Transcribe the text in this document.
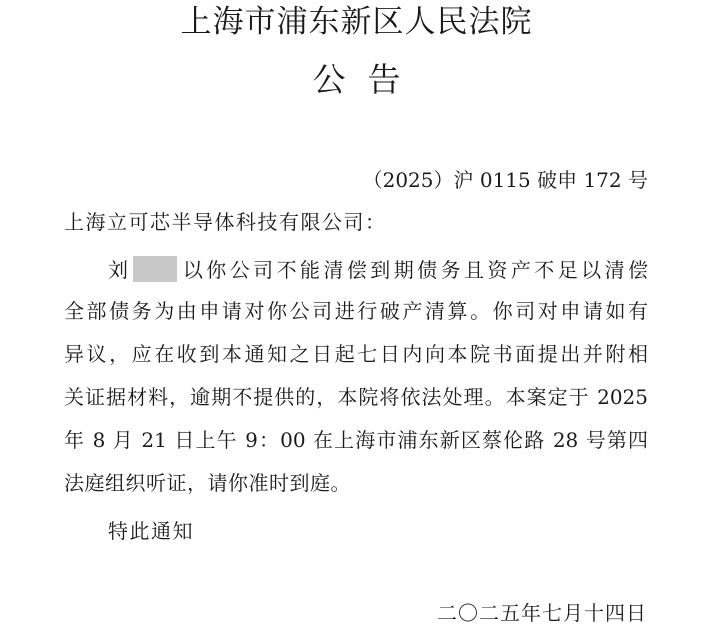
上海市浦东新区人民法院
公告
（2025）沪 0115 破申 172 号
上海立可芯半导体科技有限公司：
刘 以你公司不能清偿到期债务且资产不足以清偿
全部债务为由申请对你公司进行破产清算。你司对申请如有
异议，应在收到本通知之日起七日内向本院书面提出并附相
关证据材料，逾期不提供的，本院将依法处理。本案定于 2025
年 8 月 21 日上午 9：00 在上海市浦东新区蔡伦路 28 号第四
法庭组织听证，请你准时到庭。
特此通知
二〇二五年七月十四日
